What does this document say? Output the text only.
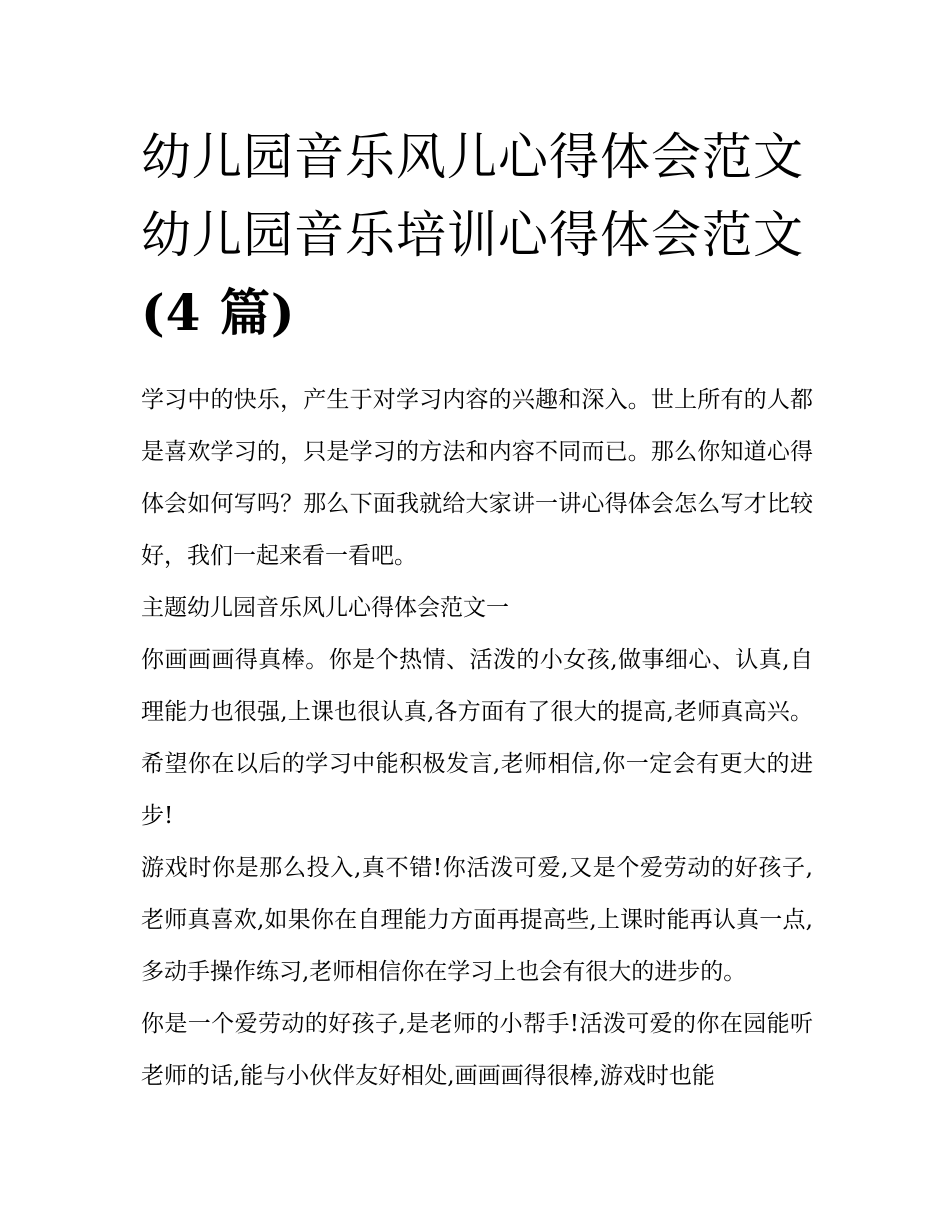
幼儿园音乐风儿心得体会范文
幼儿园音乐培训心得体会范文
(4 篇)

学习中的快乐，产生于对学习内容的兴趣和深入。世上所有的人都是喜欢学习的，只是学习的方法和内容不同而已。那么你知道心得体会如何写吗？那么下面我就给大家讲一讲心得体会怎么写才比较好，我们一起来看一看吧。

主题幼儿园音乐风儿心得体会范文一

你画画画得真棒。你是个热情、活泼的小女孩,做事细心、认真,自理能力也很强,上课也很认真,各方面有了很大的提高,老师真高兴。希望你在以后的学习中能积极发言,老师相信,你一定会有更大的进步!

游戏时你是那么投入,真不错!你活泼可爱,又是个爱劳动的好孩子,老师真喜欢,如果你在自理能力方面再提高些,上课时能再认真一点,多动手操作练习,老师相信你在学习上也会有很大的进步的。

你是一个爱劳动的好孩子,是老师的小帮手!活泼可爱的你在园能听老师的话,能与小伙伴友好相处,画画画得很棒,游戏时也能
